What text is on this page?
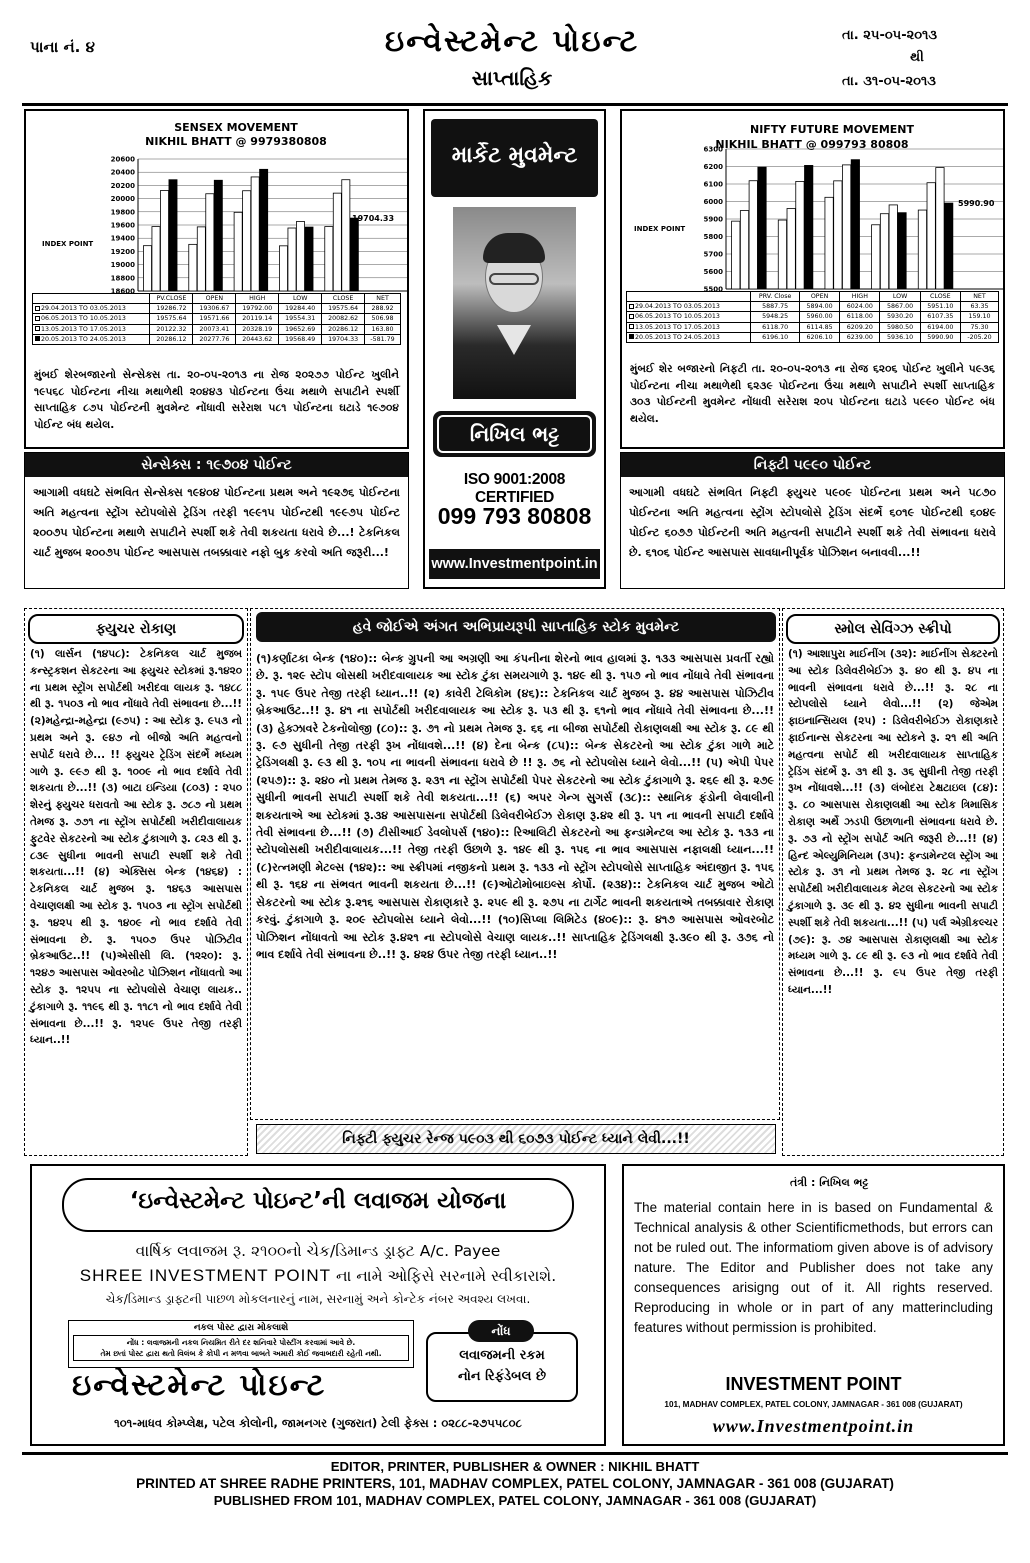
પાના નં. ૪	ઇન્વેસ્ટમેન્ટ પોઇન્ટ
સાપ્તાહિક
તા. ૨૫-૦૫-૨૦૧૩
થી
તા. ૩૧-૦૫-૨૦૧૩
SENSEX MOVEMENT
NIKHIL BHATT @ 9979380808
INDEX POINT
20600
20400
20200
20000
19800
19600
19400
19200
19000
18800
18600
19704.33
	PV.CLOSE	OPEN	HIGH	LOW	CLOSE	NET
29.04.2013 TO 03.05.2013	19286.72	19306.67	19792.00	19284.40	19575.64	288.92
06.05.2013 TO 10.05.2013	19575.64	19571.66	20119.14	19554.31	20082.62	506.98
13.05.2013 TO 17.05.2013	20122.32	20073.41	20328.19	19652.69	20286.12	163.80
20.05.2013 TO 24.05.2013	20286.12	20277.76	20443.62	19568.49	19704.33	-581.79
મુંબઈ શેરબજારનો સેન્સેક્સ તા. ૨૦-૦૫-૨૦૧૩ ના રોજ ૨૦૨૭૭ પોઈન્ટ ખુલીને ૧૯૫૬૮ પોઈન્ટના નીચા મથાળેથી ૨૦૪૪૩ પોઈન્ટના ઉંચા મથાળે સપાટીને સ્પર્શી સાપ્તાહિક ૮૭૫ પોઈન્ટની મુવમેન્ટ નોંધાવી સરેરાશ ૫૮૧ પોઈન્ટના ઘટાડે ૧૯૭૦૪ પોઈન્ટ બંધ થયેલ.
માર્કેટ મુવમેન્ટ
નિખિલ ભટ્ટ
ISO 9001:2008 CERTIFIED
099 793 80808
www.Investmentpoint.in
NIFTY FUTURE MOVEMENT
NIKHIL BHATT @ 099793 80808
INDEX POINT
6300
6200
6100
6000
5900
5800
5700
5600
5500
5990.90
	PRV. Close	OPEN	HIGH	LOW	CLOSE	NET
29.04.2013 TO 03.05.2013	5887.75	5894.00	6024.00	5867.00	5951.10	63.35
06.05.2013 TO 10.05.2013	5948.25	5960.00	6118.00	5930.20	6107.35	159.10
13.05.2013 TO 17.05.2013	6118.70	6114.85	6209.20	5980.50	6194.00	75.30
20.05.2013 TO 24.05.2013	6196.10	6206.10	6239.00	5936.10	5990.90	-205.20
મુંબઈ શેર બજારનો નિફટી તા. ૨૦-૦૫-૨૦૧૩ ના રોજ ૬૨૦૬ પોઈન્ટ ખુલીને ૫૯૩૬ પોઈન્ટના નીચા મથાળેથી ૬૨૩૯ પોઈન્ટના ઉંચા મથાળે સપાટીને સ્પર્શી સાપ્તાહિક ૩૦૩ પોઈન્ટની મુવમેન્ટ નોંધાવી સરેરાશ ૨૦૫ પોઈન્ટના ઘટાડે ૫૯૯૦ પોઈન્ટ બંધ થયેલ.
સેન્સેક્સ : ૧૯૭૦૪ પોઈન્ટ
આગામી વધઘટે સંભવિત સેન્સેક્સ ૧૯૪૦૪ પોઈન્ટના પ્રથમ અને ૧૯૨૭૬ પોઈન્ટના અતિ મહત્વના સ્ટ્રોંગ સ્ટોપલોસે ટ્રેડિંગ તરફી ૧૯૯૧૫ પોઈન્ટથી ૧૯૯૭૫ પોઈન્ટ ૨૦૦૭૫ પોઈન્ટના મથાળે સપાટીને સ્પર્શી શકે તેવી શકયતા ધરાવે છે...! ટેકનિકલ ચાર્ટ મુજબ ૨૦૦૭૫ પોઈન્ટ આસપાસ તબક્કાવાર નફો બુક કરવો અતિ જરૂરી...!
નિફ્ટી ૫૯૯૦ પોઈન્ટ
આગામી વધઘટે સંભવિત નિફ્ટી ફ્યુચર ૫૯૦૯ પોઈન્ટના પ્રથમ અને ૫૮૭૦ પોઈન્ટના અતિ મહત્વના સ્ટ્રોંગ સ્ટોપલોસે ટ્રેડિંગ સંદર્ભે ૬૦૧૯ પોઈન્ટથી ૬૦૪૯ પોઈન્ટ ૬૦૭૭ પોઈન્ટની અતિ મહત્વની સપાટીને સ્પર્શી શકે તેવી સંભાવના ધરાવે છે. ૬૧૦૬ પોઈન્ટ આસપાસ સાવધાનીપૂર્વક પોઝિશન બનાવવી...!!
ફ્યુચર રોકાણ
(૧) લાર્સન (૧૪૫૮): ટેકનિકલ ચાર્ટ મુજબ કન્સ્ટ્રકશન સેકટરના આ ફ્યુચર સ્ટોકમાં રૂ.૧૪૨૦ ના પ્રથમ સ્ટ્રોંગ સપોર્ટથી ખરીદવા લાયક રૂ. ૧૪૮૮ થી રૂ. ૧૫૦૩ નો ભાવ નોંધાવે તેવી સંભાવના છે...!! (૨)મહેન્દ્રા-મહેન્દ્રા (૯૭૫) : આ સ્ટોક રૂ. ૯૫૩ નો પ્રથમ અને રૂ. ૯૪૭ નો બીજો અતિ મહત્વનો સપોર્ટ ધરાવે છે... !! ફ્યુચર ટ્રેડિંગ સંદર્ભે મધ્યમ ગાળે રૂ. ૯૯૭ થી રૂ. ૧૦૦૯ નો ભાવ દર્શાવે તેવી શકયતા છે...!! (૩) બાટા ઇન્ડિયા (૮૦૩) : ૨૫૦ શેરનું ફ્યુચર ધરાવતો આ સ્ટોક રૂ. ૭૮૭ નો પ્રથમ તેમજ રૂ. ૭૭૧ ના સ્ટ્રોંગ સપોર્ટથી ખરીદીવાલાયક ફુટવેર સેકટરનો આ સ્ટોક ટુંકાગાળે રૂ. ૮૨૩ થી રૂ. ૮૩૯ સુધીના ભાવની સપાટી સ્પર્શી શકે તેવી શકયતા...!! (૪) એક્સિસ બેન્ક (૧૪૬૪) : ટેકનિકલ ચાર્ટ મુજબ રૂ. ૧૪૬૩ આસપાસ વેચાણલક્ષી આ સ્ટોક રૂ. ૧૫૦૩ ના સ્ટ્રોંગ સપોર્ટથી રૂ. ૧૪૨૫ થી રૂ. ૧૪૦૯ નો ભાવ દર્શાવે તેવી સંભાવના છે. રૂ. ૧૫૦૭ ઉપર પોઝિટીવ બ્રેકઆઉટ..!! (૫)એસીસી લિ. (૧૨૨૦): રૂ. ૧૨૪૭ આસપાસ ઓવરબોટ પોઝિશન નોંધાવતો આ સ્ટોક રૂ. ૧૨૫૫ ના સ્ટોપલોસે વેચાણ લાયક.. ટુંકાગાળે રૂ. ૧૧૯૬ થી રૂ. ૧૧૮૧ નો ભાવ દર્શાવે તેવી સંભાવના છે...!! રૂ. ૧૨૫૯ ઉપર તેજી તરફી ધ્યાન..!!
હવે જોઈએ અંગત અભિપ્રાયરૂપી સાપ્તાહિક સ્ટોક મુવમેન્ટ
(૧)કર્ણાટકા બેન્ક (૧૪૦):: બેન્ક ગ્રુપની આ અગ્રણી આ કંપનીના શેરનો ભાવ હાલમાં રૂ. ૧૩૩ આસપાસ પ્રવર્તી રહ્યો છે. રૂ. ૧૨૯ સ્ટોપ લોસથી ખરીદવાલાયક આ સ્ટોક ટુંકા સમયગાળે રૂ. ૧૪૯ થી રૂ. ૧૫૭ નો ભાવ નોંધાવે તેવી સંભાવના રૂ. ૧૫૯ ઉપર તેજી તરફી ધ્યાન..!! (૨) કાવેરી ટેલિકોમ (૪૬):: ટેકનિકલ ચાર્ટ મુજબ રૂ. ૪૪ આસપાસ પોઝિટીવ બ્રેકઆઉટ..!! રૂ. ૪૧ ના સપોર્ટથી ખરીદવાલાયક આ સ્ટોક રૂ. ૫૩ થી રૂ. ૬૧નો ભાવ નોંધાવે તેવી સંભાવના છે...!! (૩) હેક્ઝાવરે ટેકનોલોજી (૮૦):: રૂ. ૭૧ નો પ્રથમ તેમજ રૂ. ૬૬ ના બીજા સપોર્ટથી રોકાણલક્ષી આ સ્ટોક રૂ. ૮૯ થી રૂ. ૯૭ સુધીની તેજી તરફી રૂખ નોંધાવશે...!! (૪) દેના બેન્ક (૮૫):: બેન્ક સેકટરનો આ સ્ટોક ટુંકા ગાળે માટે ટ્રેડિંગલક્ષી રૂ. ૯૩ થી રૂ. ૧૦૫ ના ભાવની સંભાવના ધરાવે છે !! રૂ. ૭૬ નો સ્ટોપલોસ ધ્યાને લેવો...!! (૫) એપી પેપર (૨૫૭):: રૂ. ૨૪૦ નો પ્રથમ તેમજ રૂ. ૨૩૧ ના સ્ટ્રોંગ સપોર્ટથી પેપર સેકટરનો આ સ્ટોક ટુંકાગાળે રૂ. ૨૬૯ થી રૂ. ૨૭૯ સુધીની ભાવની સપાટી સ્પર્શી શકે તેવી શકયતા...!! (૬) અપર ગેન્ગ સુગર્સ (૩૮):: સ્થાનિક ફંડોની લેવાલીની શકયતાએ આ સ્ટોકમાં રૂ.૩૪ આસપાસના સપોર્ટથી ડિલેવરીબેઈઝ રોકાણ રૂ.૪૨ થી રૂ. ૫૧ ના ભાવની સપાટી દર્શાવે તેવી સંભાવના છે...!! (૭) ટીસીઆઈ ડેવલોપર્સ (૧૪૦):: રિઆલિટી સેકટરનો આ ફન્ડામેન્ટલ આ સ્ટોક રૂ. ૧૩૩ ના સ્ટોપલોસથી ખરીદીવાલાયક...!! તેજી તરફી ઉછાળે રૂ. ૧૪૯ થી રૂ. ૧૫૬ ના ભાવ આસપાસ નફાલક્ષી ધ્યાન...!! (૮)રત્નમણી મેટલ્સ (૧૪૨):: આ સ્ક્રીપમાં નજીકનો પ્રથમ રૂ. ૧૩૩ નો સ્ટ્રોંગ સ્ટોપલોસે સાપ્તાહિક અંદાજીત રૂ. ૧૫૬ થી રૂ. ૧૬૪ ના સંભવત ભાવની શકયતા છે...!! (૯)ઓટોમોબાઇલ્સ કોર્પો. (૨૩૪):: ટેકનિકલ ચાર્ટ મુજબ ઓટો સેકટરનો આ સ્ટોક રૂ.૨૧૬ આસપાસ રોકાણકારે રૂ. ૨૫૯ થી રૂ. ૨૭૫ ના ટાર્ગેટ ભાવની શકયતાએ તબક્કાવાર રોકાણ કરવું. ટુંકાગાળે રૂ. ૨૦૯ સ્ટોપલોસ ધ્યાને લેવો...!! (૧૦)સિપ્લા લિમિટેડ (૪૦૯):: રૂ. ૪૧૭ આસપાસ ઓવરબોટ પોઝિશન નોંધાવતો આ સ્ટોક રૂ.૪૨૧ ના સ્ટોપલોસે વેચાણ લાયક..!! સાપ્તાહિક ટ્રેડિંગલક્ષી રૂ.૩૯૦ થી રૂ. ૩૭૬ નો ભાવ દર્શાવે તેવી સંભાવના છે..!! રૂ. ૪૨૪ ઉપર તેજી તરફી ધ્યાન..!!
નિફ્ટી ફ્યુચર રેન્જ ૫૯૦૩ થી ૬૦૭૩ પોઈન્ટ ધ્યાને લેવી...!!
સ્મોલ સેવિંગ્ઝ સ્ક્રીપો
(૧) આશાપુરા માઈનીંગ (૩૨): માઈનીંગ સેક્ટરનો આ સ્ટોક ડિલેવરીબેઈઝ રૂ. ૪૦ થી રૂ. ૪૫ ના ભાવની સંભાવના ધરાવે છે...!! રૂ. ૨૮ ના સ્ટોપલોસે ધ્યાને લેવો...!! (૨) જેએમ ફાઇનાન્સિયલ (૨૫) : ડિલેવરીબેઈઝ રોકાણકારે ફાઈનાન્સ સેકટરના આ સ્ટોકને રૂ. ૨૧ થી અતિ મહત્વના સપોર્ટ થી ખરીદવાલાયક સાપ્તાહિક ટ્રેડિંગ સંદર્ભે રૂ. ૩૧ થી રૂ. ૩૬ સુધીની તેજી તરફી રૂખ નોંધાવશે...!! (૩) લંબોદરા ટેક્ષટાઇલ (૮૪): રૂ. ૮૦ આસપાસ રોકાણલક્ષી આ સ્ટોક ત્રિમાસિક રોકાણ અર્થે ઝડપી ઉછાળાની સંભાવના ધરાવે છે. રૂ. ૭૩ નો સ્ટ્રોંગ સપોર્ટ અતિ જરૂરી છે...!! (૪) હિન્દ એલ્યુમિનિયમ (૩૫): ફન્ડામેન્ટલ સ્ટ્રોંગ આ સ્ટોક રૂ. ૩૧ નો પ્રથમ તેમજ રૂ. ૨૮ ના સ્ટ્રોંગ સપોર્ટથી ખરીદીવાલાયક મેટલ સેકટરનો આ સ્ટોક ટુંકાગાળે રૂ. ૩૯ થી રૂ. ૪૨ સુધીના ભાવની સપાટી સ્પર્શી શકે તેવી શકયતા...!! (૫) પર્લ એગ્રીકલ્ચર (૭૯): રૂ. ૭૪ આસપાસ રોકાણલક્ષી આ સ્ટોક મધ્યમ ગાળે રૂ. ૮૯ થી રૂ. ૯૩ નો ભાવ દર્શાવે તેવી સંભાવના છે...!! રૂ. ૯૫ ઉપર તેજી તરફી ધ્યાન...!!
‘ઇન્વેસ્ટમેન્ટ પોઇન્ટ’ની લવાજમ યોજના
વાર્ષિક લવાજમ રૂ. ૨૧૦૦નો ચેક/ડિમાન્ડ ડ્રાફ્ટ A/c. Payee
SHREE INVESTMENT POINT ના નામે ઓફિસે સરનામે સ્વીકારાશે.
ચેક/ડિમાન્ડ ડ્રાફ્ટની પાછળ મોકલનારનું નામ, સરનામું અને કોન્ટેક નંબર અવશ્ય લખવા.
નકલ પોસ્ટ દ્વારા મોકલાશે
નોંધ : લવાજમની નકલ નિયમિત રીતે દર શનિવારે પોસ્ટીંગ કરવામાં આવે છે.
તેમ છતાં પોસ્ટ દ્વારા થતો વિલંબ કે કોપી ન મળવા બાબતે અમારી કોઈ જવાબદારી રહેતી નથી.	લવાજમની રકમ
નોન રિફંડેબલ છે
નોંધ
ઇન્વેસ્ટમેન્ટ પોઇન્ટ
૧૦૧-માધવ કોમ્પ્લેક્ષ, પટેલ કોલોની, જામનગર (ગુજરાત) ટેલી ફેક્સ : ૦૨૮૮-૨૭૫૫૮૦૮
તંત્રી : નિખિલ ભટ્ટ
The material contain here in is based on Fundamental & Technical analysis & other Scientificmethods, but errors can not be ruled out. The informatiom given above is of advisory nature. The Editor and Publisher does not take any consequences arisigng out of it. All rights reserved. Reproducing in whole or in part of any matterincluding features without permission is prohibited.
INVESTMENT POINT
101, MADHAV COMPLEX, PATEL COLONY, JAMNAGAR - 361 008 (GUJARAT)
www.Investmentpoint.in
EDITOR, PRINTER, PUBLISHER & OWNER : NIKHIL BHATT
PRINTED AT SHREE RADHE PRINTERS, 101, MADHAV COMPLEX, PATEL COLONY, JAMNAGAR - 361 008 (GUJARAT)
PUBLISHED FROM 101, MADHAV COMPLEX, PATEL COLONY, JAMNAGAR - 361 008 (GUJARAT)
